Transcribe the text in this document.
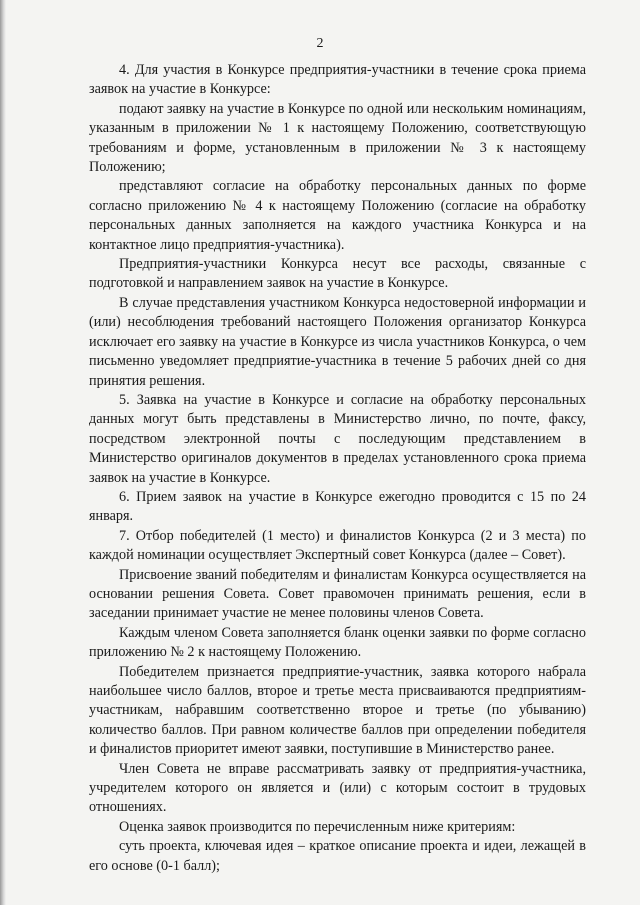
2

4. Для участия в Конкурсе предприятия-участники в течение срока приема заявок на участие в Конкурсе:

подают заявку на участие в Конкурсе по одной или нескольким номинациям, указанным в приложении № 1 к настоящему Положению, соответствующую требованиям и форме, установленным в приложении № 3 к настоящему Положению;

представляют согласие на обработку персональных данных по форме согласно приложению № 4 к настоящему Положению (согласие на обработку персональных данных заполняется на каждого участника Конкурса и на контактное лицо предприятия-участника).

Предприятия-участники Конкурса несут все расходы, связанные с подготовкой и направлением заявок на участие в Конкурсе.

В случае представления участником Конкурса недостоверной информации и (или) несоблюдения требований настоящего Положения организатор Конкурса исключает его заявку на участие в Конкурсе из числа участников Конкурса, о чем письменно уведомляет предприятие-участника в течение 5 рабочих дней со дня принятия решения.

5. Заявка на участие в Конкурсе и согласие на обработку персональных данных могут быть представлены в Министерство лично, по почте, факсу, посредством электронной почты с последующим представлением в Министерство оригиналов документов в пределах установленного срока приема заявок на участие в Конкурсе.

6. Прием заявок на участие в Конкурсе ежегодно проводится с 15 по 24 января.

7. Отбор победителей (1 место) и финалистов Конкурса (2 и 3 места) по каждой номинации осуществляет Экспертный совет Конкурса (далее – Совет).

Присвоение званий победителям и финалистам Конкурса осуществляется на основании решения Совета. Совет правомочен принимать решения, если в заседании принимает участие не менее половины членов Совета.

Каждым членом Совета заполняется бланк оценки заявки по форме согласно приложению № 2 к настоящему Положению.

Победителем признается предприятие-участник, заявка которого набрала наибольшее число баллов, второе и третье места присваиваются предприятиям-участникам, набравшим соответственно второе и третье (по убыванию) количество баллов. При равном количестве баллов при определении победителя и финалистов приоритет имеют заявки, поступившие в Министерство ранее.

Член Совета не вправе рассматривать заявку от предприятия-участника, учредителем которого он является и (или) с которым состоит в трудовых отношениях.

Оценка заявок производится по перечисленным ниже критериям:

суть проекта, ключевая идея – краткое описание проекта и идеи, лежащей в его основе (0-1 балл);
